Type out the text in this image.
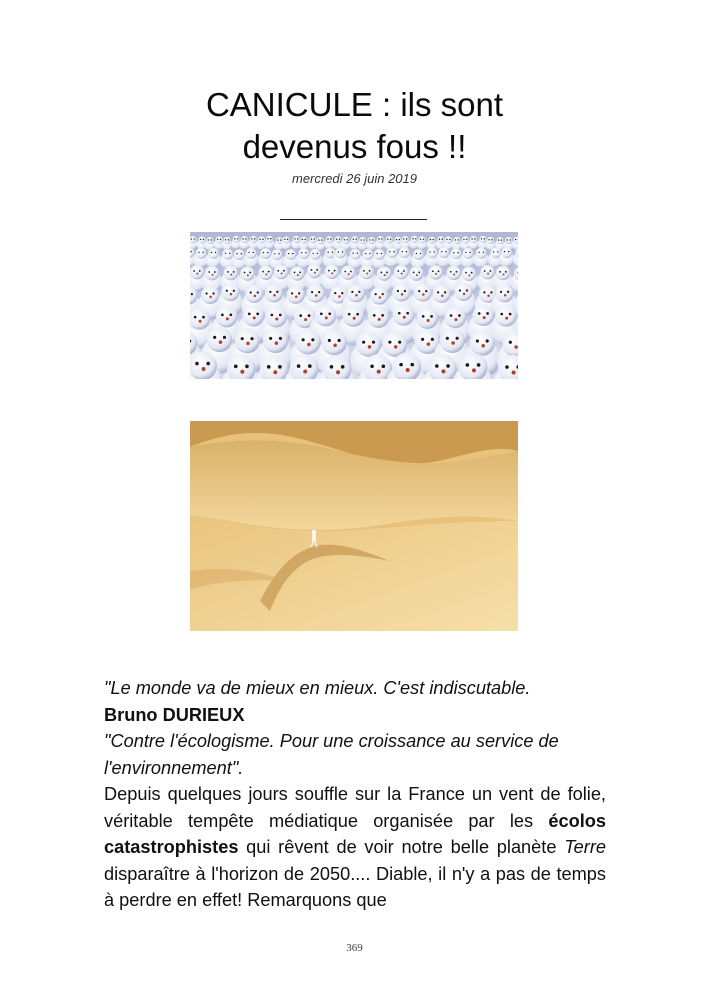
CANICULE : ils sont
devenus fous !!
mercredi 26 juin 2019

"Le monde va de mieux en mieux. C'est indiscutable.

Bruno DURIEUX

"Contre l'écologisme. Pour une croissance au service de l'environnement".

Depuis quelques jours souffle sur la France un vent de folie, véritable tempête médiatique organisée par les écolos catastrophistes qui rêvent de voir notre belle planète Terre disparaître à l'horizon de 2050.... Diable, il n'y a pas de temps à perdre en effet! Remarquons que

369
